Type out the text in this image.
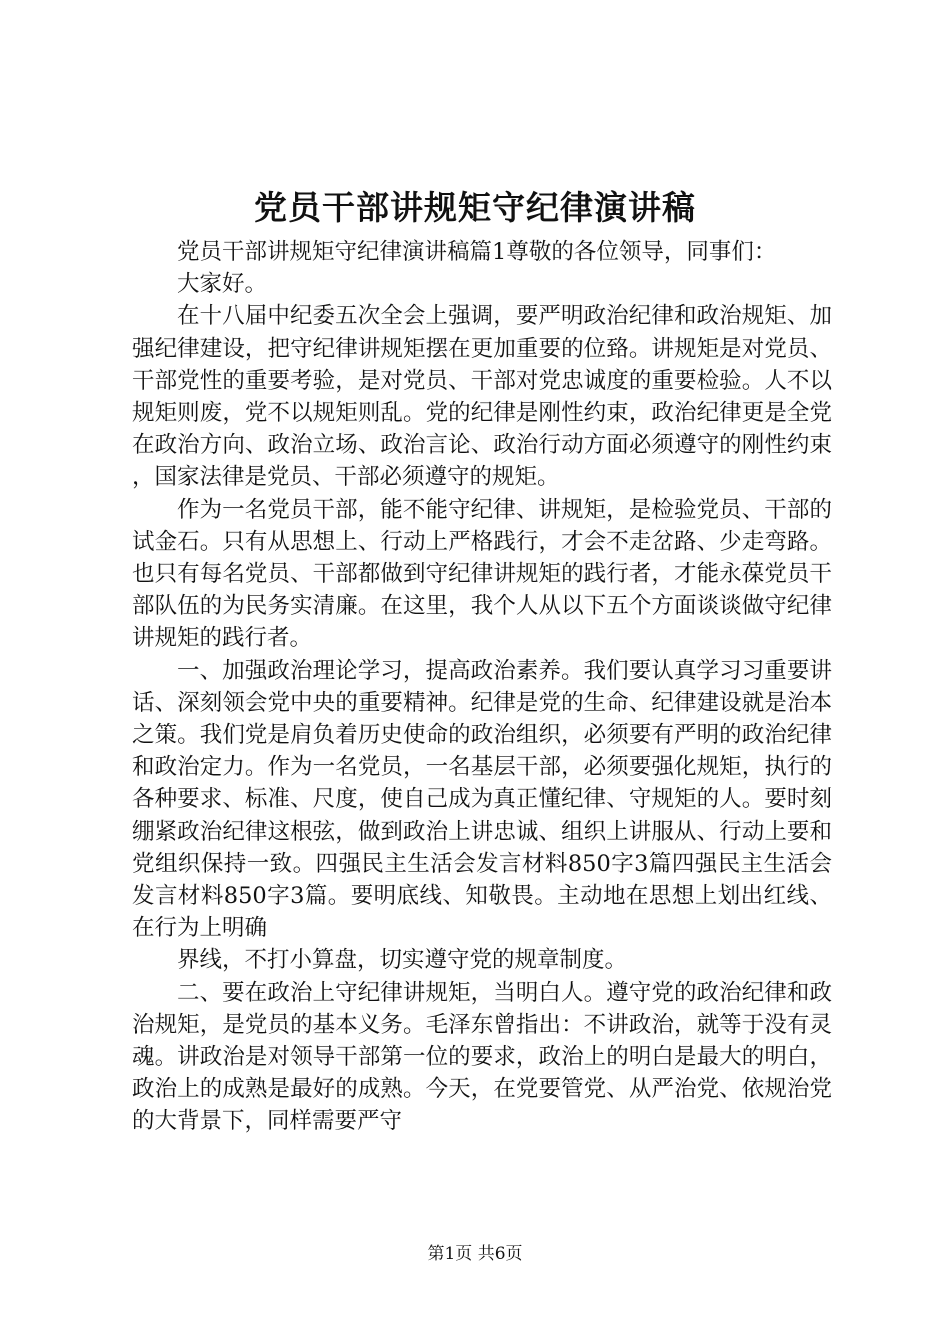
党员干部讲规矩守纪律演讲稿

党员干部讲规矩守纪律演讲稿篇1尊敬的各位领导，同事们：

大家好。

在十八届中纪委五次全会上强调，要严明政治纪律和政治规矩、加强纪律建设，把守纪律讲规矩摆在更加重要的位臵。讲规矩是对党员、干部党性的重要考验，是对党员、干部对党忠诚度的重要检验。人不以规矩则废，党不以规矩则乱。党的纪律是刚性约束，政治纪律更是全党在政治方向、政治立场、政治言论、政治行动方面必须遵守的刚性约束，国家法律是党员、干部必须遵守的规矩。

作为一名党员干部，能不能守纪律、讲规矩，是检验党员、干部的试金石。只有从思想上、行动上严格践行，才会不走岔路、少走弯路。也只有每名党员、干部都做到守纪律讲规矩的践行者，才能永葆党员干部队伍的为民务实清廉。在这里，我个人从以下五个方面谈谈做守纪律讲规矩的践行者。

一、加强政治理论学习，提高政治素养。我们要认真学习习重要讲话、深刻领会党中央的重要精神。纪律是党的生命、纪律建设就是治本之策。我们党是肩负着历史使命的政治组织，必须要有严明的政治纪律和政治定力。作为一名党员，一名基层干部，必须要强化规矩，执行的各种要求、标准、尺度，使自己成为真正懂纪律、守规矩的人。要时刻绷紧政治纪律这根弦，做到政治上讲忠诚、组织上讲服从、行动上要和党组织保持一致。四强民主生活会发言材料850字3篇四强民主生活会发言材料850字3篇。要明底线、知敬畏。主动地在思想上划出红线、在行为上明确

界线，不打小算盘，切实遵守党的规章制度。

二、要在政治上守纪律讲规矩，当明白人。遵守党的政治纪律和政治规矩，是党员的基本义务。毛泽东曾指出：不讲政治，就等于没有灵魂。讲政治是对领导干部第一位的要求，政治上的明白是最大的明白，政治上的成熟是最好的成熟。今天，在党要管党、从严治党、依规治党的大背景下，同样需要严守

第1页 共6页
